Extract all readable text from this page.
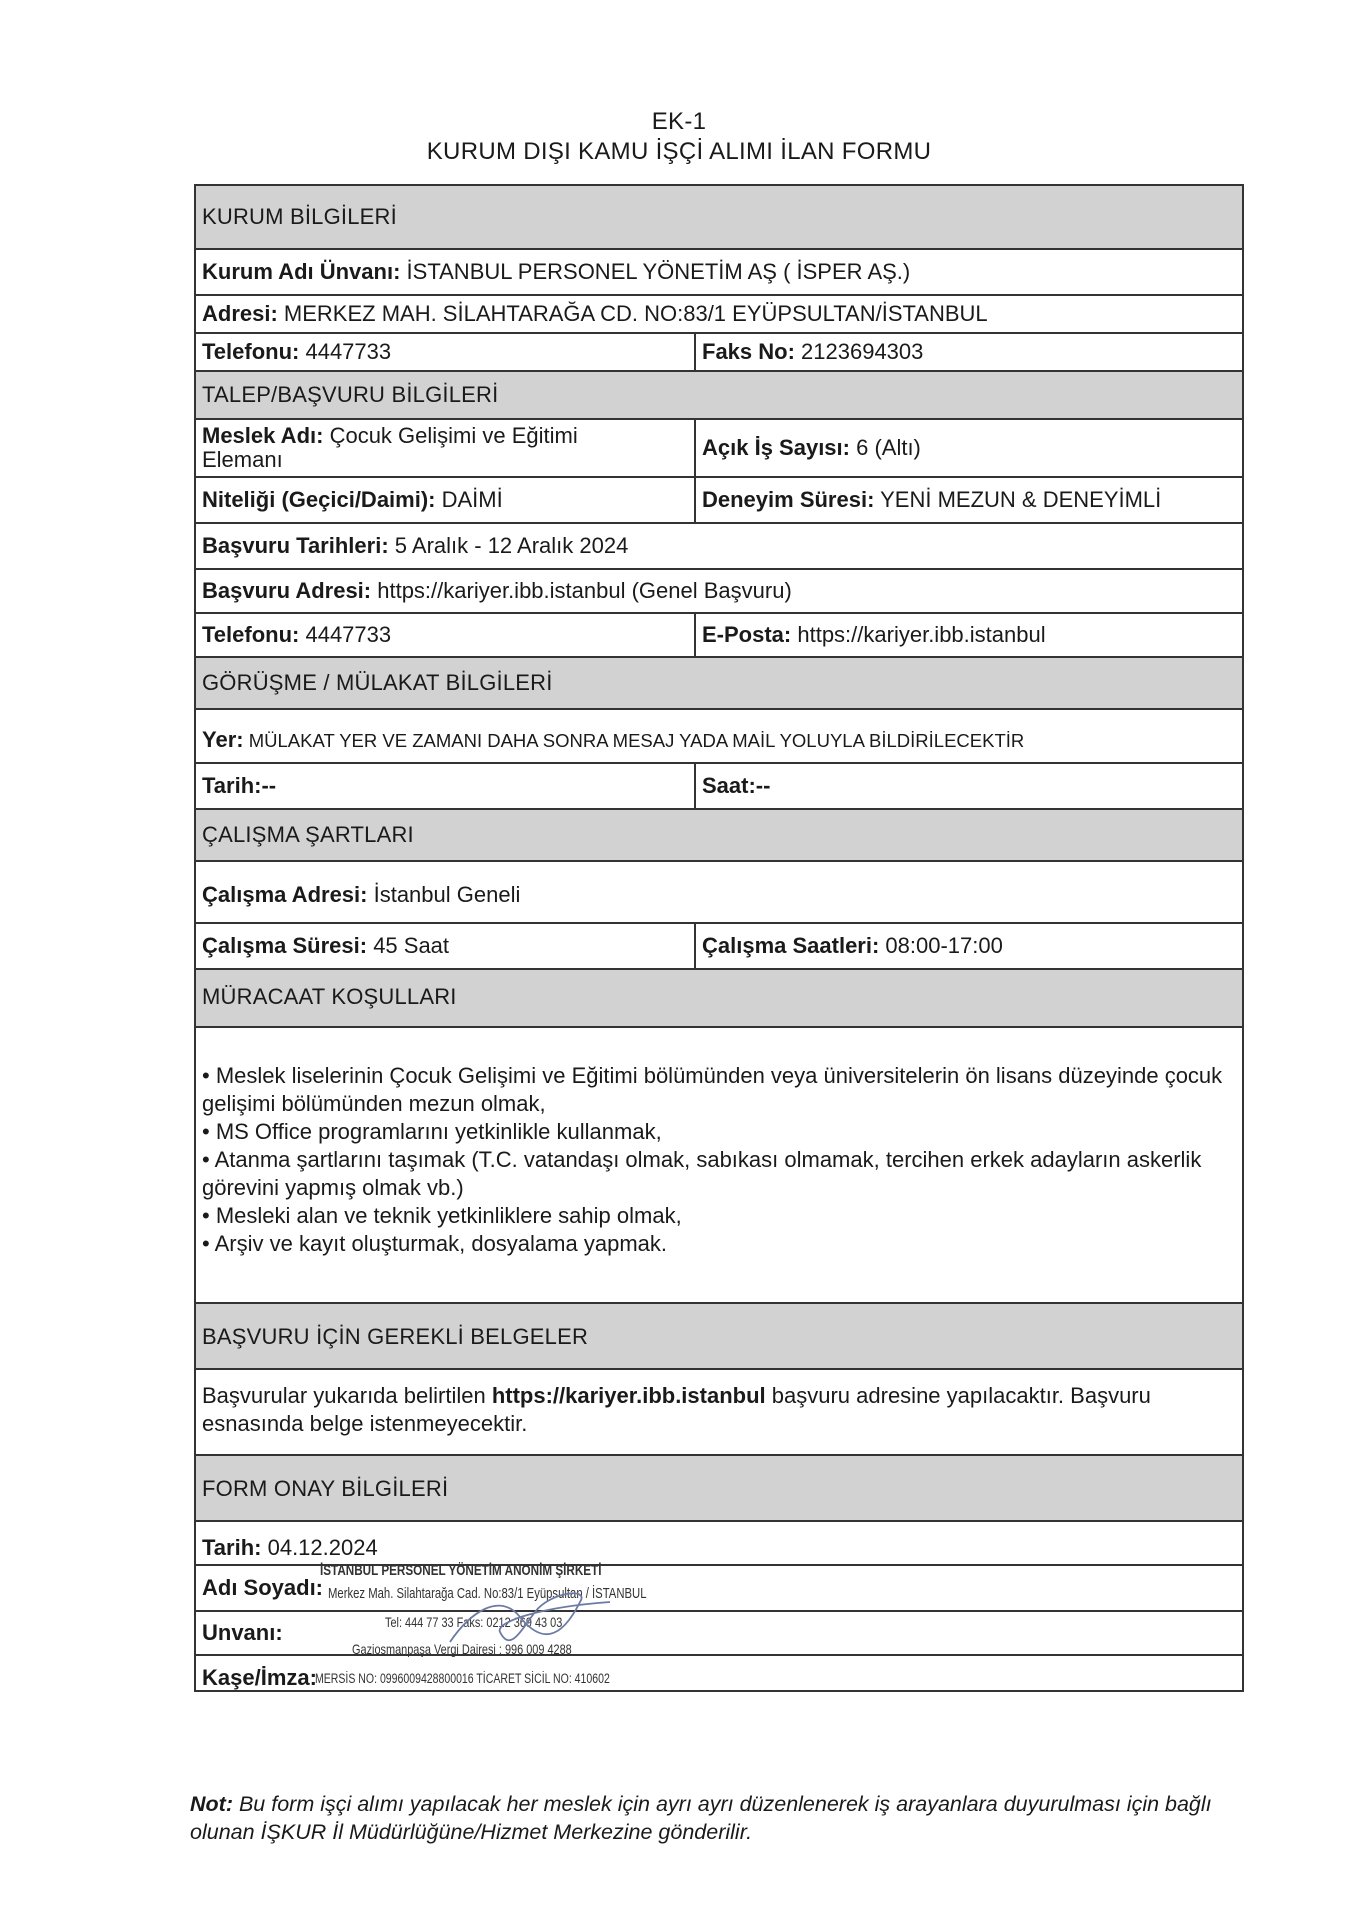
EK-1
KURUM DIŞI KAMU İŞÇİ ALIMI İLAN FORMU
KURUM BİLGİLERİ
Kurum Adı Ünvanı: İSTANBUL PERSONEL YÖNETİM AŞ ( İSPER AŞ.)
Adresi: MERKEZ MAH. SİLAHTARAĞA CD. NO:83/1 EYÜPSULTAN/İSTANBUL
Telefonu: 4447733	Faks No: 2123694303
TALEP/BAŞVURU BİLGİLERİ
Meslek Adı: Çocuk Gelişimi ve Eğitimi Elemanı	Açık İş Sayısı: 6 (Altı)
Niteliği (Geçici/Daimi): DAİMİ	Deneyim Süresi: YENİ MEZUN & DENEYİMLİ
Başvuru Tarihleri: 5 Aralık - 12 Aralık 2024
Başvuru Adresi: https://kariyer.ibb.istanbul (Genel Başvuru)
Telefonu: 4447733	E-Posta: https://kariyer.ibb.istanbul
GÖRÜŞME / MÜLAKAT BİLGİLERİ
Yer: MÜLAKAT YER VE ZAMANI DAHA SONRA MESAJ YADA MAİL YOLUYLA BİLDİRİLECEKTİR
Tarih:--	Saat:--
ÇALIŞMA ŞARTLARI
Çalışma Adresi: İstanbul Geneli
Çalışma Süresi: 45 Saat	Çalışma Saatleri: 08:00-17:00
MÜRACAAT KOŞULLARI
• Meslek liselerinin Çocuk Gelişimi ve Eğitimi bölümünden veya üniversitelerin ön lisans düzeyinde çocuk gelişimi bölümünden mezun olmak,
• MS Office programlarını yetkinlikle kullanmak,
• Atanma şartlarını taşımak (T.C. vatandaşı olmak, sabıkası olmamak, tercihen erkek adayların askerlik görevini yapmış olmak vb.)
• Mesleki alan ve teknik yetkinliklere sahip olmak,
• Arşiv ve kayıt oluşturmak, dosyalama yapmak.
BAŞVURU İÇİN GEREKLİ BELGELER
Başvurular yukarıda belirtilen https://kariyer.ibb.istanbul başvuru adresine yapılacaktır. Başvuru esnasında belge istenmeyecektir.
FORM ONAY BİLGİLERİ
Tarih: 04.12.2024
Adı Soyadı:
Unvanı:
Kaşe/İmza:
İSTANBUL PERSONEL YÖNETİM ANONİM ŞİRKETİ
Merkez Mah. Silahtarağa Cad. No:83/1 Eyüpsultan / İSTANBUL
Tel: 444 77 33 Faks: 0212 369 43 03
Gaziosmanpaşa Vergi Dairesi : 996 009 4288
MERSİS NO: 0996009428800016 TİCARET SİCİL NO: 410602
Not: Bu form işçi alımı yapılacak her meslek için ayrı ayrı düzenlenerek iş arayanlara duyurulması için bağlı olunan İŞKUR İl Müdürlüğüne/Hizmet Merkezine gönderilir.
